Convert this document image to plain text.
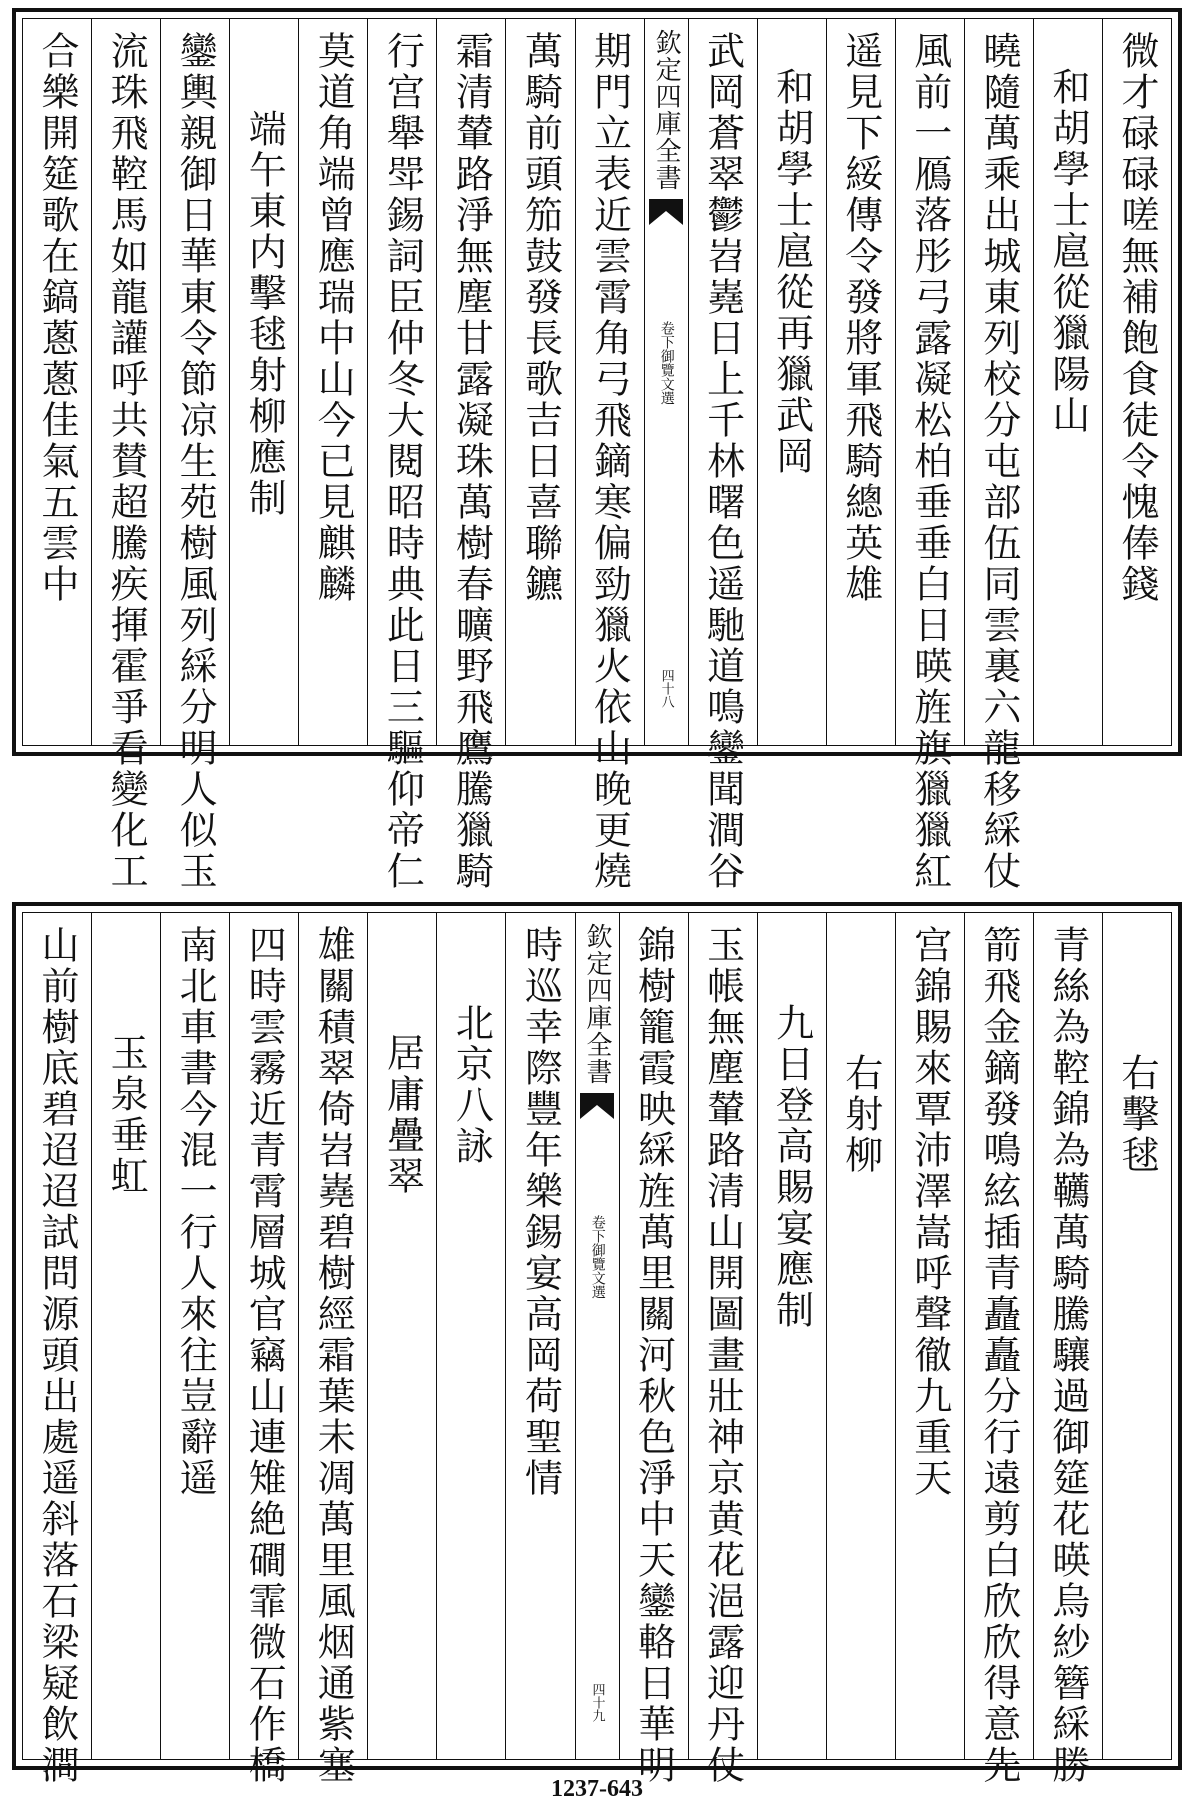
微才碌碌嗟無補飽食徒令愧俸錢
和胡學士扈從獵陽山
曉隨萬乘出城東列校分屯部伍同雲裏六龍移綵仗
風前一鴈落彤弓露凝松柏垂垂白日暎旌旗獵獵紅
遥見下綏傳令發將軍飛騎總英雄
和胡學士扈從再獵武岡
武岡蒼翠鬱岧嶤日上千林曙色遥馳道鳴鑾聞澗谷
欽定四庫全書
御覽文選
卷下
四十八
期門立表近雲霄角弓飛鏑寒偏勁獵火依山晚更燒
萬騎前頭笳鼓發長歌吉日喜聯鑣
霜清輦路淨無塵甘露凝珠萬樹春曠野飛鷹騰獵騎
行宫舉斝錫詞臣仲冬大閱昭時典此日三驅仰帝仁
莫道角端曾應瑞中山今已見麒麟
端午東内擊毬射柳應制
鑾輿親御日華東令節凉生苑樹風列綵分明人似玉
流珠飛鞚馬如龍讙呼共賛超騰疾揮霍爭看變化工
合樂開筵歌在鎬蔥蔥佳氣五雲中
右擊毬
青絲為鞚錦為韉萬騎騰驤過御筵花暎烏紗簪綵勝
箭飛金鏑發鳴絃插青矗矗分行遠剪白欣欣得意先
宫錦賜來覃沛澤嵩呼聲徹九重天
右射柳
九日登高賜宴應制
玉帳無塵輦路清山開圖畫壯神京黄花浥露迎丹仗
錦樹籠霞映綵旌萬里關河秋色淨中天鑾輅日華明
欽定四庫全書
御覽文選
卷下
四十九
時巡幸際豐年樂錫宴高岡荷聖情
北京八詠
居庸疊翠
雄關積翠倚岧嶤碧樹經霜葉未凋萬里風烟通紫塞
四時雲霧近青霄層城官竊山連雉絶磵霏微石作橋
南北車書今混一行人來往豈辭遥
玉泉垂虹
山前樹底碧迢迢試問源頭出處遥斜落石梁疑飲澗
1237-643
